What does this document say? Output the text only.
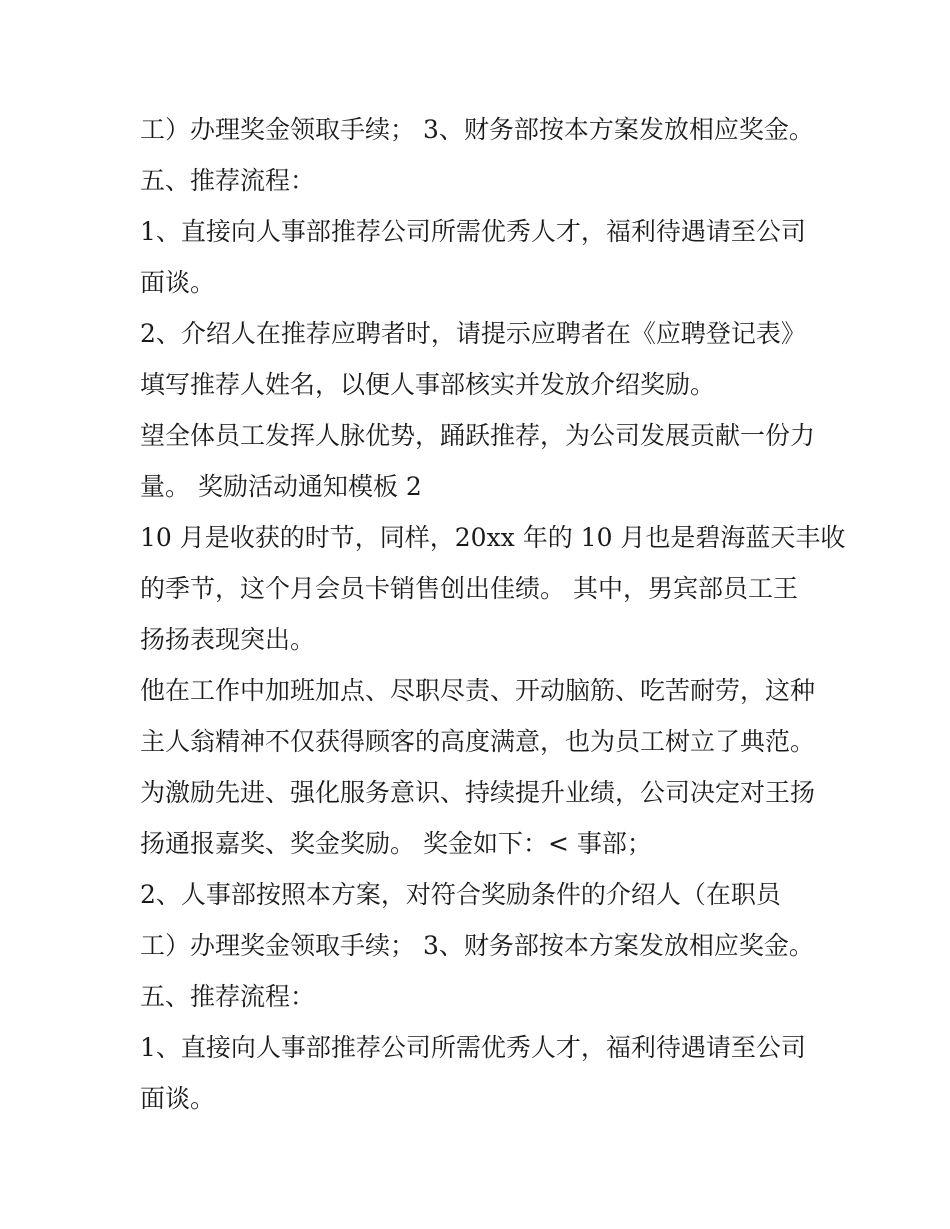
工）办理奖金领取手续； 3、财务部按本方案发放相应奖金。
五、推荐流程：
1、直接向人事部推荐公司所需优秀人才，福利待遇请至公司
面谈。
2、介绍人在推荐应聘者时，请提示应聘者在《应聘登记表》
填写推荐人姓名，以便人事部核实并发放介绍奖励。
望全体员工发挥人脉优势，踊跃推荐，为公司发展贡献一份力
量。 奖励活动通知模板 2
10 月是收获的时节，同样，20xx 年的 10 月也是碧海蓝天丰收
的季节，这个月会员卡销售创出佳绩。 其中，男宾部员工王
扬扬表现突出。
他在工作中加班加点、尽职尽责、开动脑筋、吃苦耐劳，这种
主人翁精神不仅获得顾客的高度满意，也为员工树立了典范。
为激励先进、强化服务意识、持续提升业绩，公司决定对王扬
扬通报嘉奖、奖金奖励。 奖金如下：< 事部；
2、人事部按照本方案，对符合奖励条件的介绍人（在职员
工）办理奖金领取手续； 3、财务部按本方案发放相应奖金。
五、推荐流程：
1、直接向人事部推荐公司所需优秀人才，福利待遇请至公司
面谈。
